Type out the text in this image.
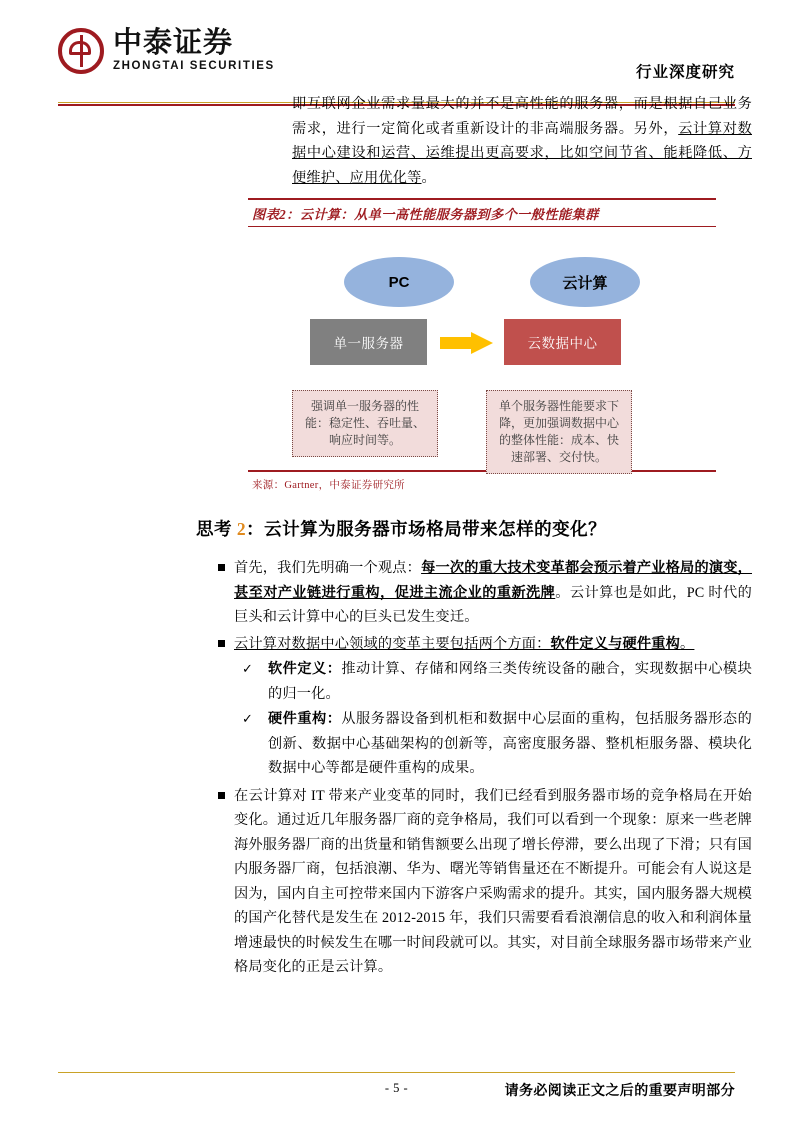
中泰证券
ZHONGTAI SECURITIES	行业深度研究

即互联网企业需求量最大的并不是高性能的服务器，而是根据自己业务需求，进行一定简化或者重新设计的非高端服务器。另外，云计算对数据中心建设和运营、运维提出更高要求，比如空间节省、能耗降低、方便维护、应用优化等。

图表2：云计算：从单一高性能服务器到多个一般性能集群
PC	云计算
单一服务器	云数据中心
强调单一服务器的性能：稳定性、吞吐量、响应时间等。
单个服务器性能要求下降，更加强调数据中心的整体性能：成本、快速部署、交付快。
来源：Gartner，中泰证券研究所
思考 2：云计算为服务器市场格局带来怎样的变化？
首先，我们先明确一个观点：每一次的重大技术变革都会预示着产业格局的演变，甚至对产业链进行重构，促进主流企业的重新洗牌。云计算也是如此，PC 时代的巨头和云计算中心的巨头已发生变迁。
云计算对数据中心领域的变革主要包括两个方面：软件定义与硬件重构。
✓	软件定义：推动计算、存储和网络三类传统设备的融合，实现数据中心模块的归一化。
✓	硬件重构：从服务器设备到机柜和数据中心层面的重构，包括服务器形态的创新、数据中心基础架构的创新等，高密度服务器、整机柜服务器、模块化数据中心等都是硬件重构的成果。
在云计算对 IT 带来产业变革的同时，我们已经看到服务器市场的竞争格局在开始变化。通过近几年服务器厂商的竞争格局，我们可以看到一个现象：原来一些老牌海外服务器厂商的出货量和销售额要么出现了增长停滞，要么出现了下滑；只有国内服务器厂商，包括浪潮、华为、曙光等销售量还在不断提升。可能会有人说这是因为，国内自主可控带来国内下游客户采购需求的提升。其实，国内服务器大规模的国产化替代是发生在 2012-2015 年，我们只需要看看浪潮信息的收入和利润体量增速最快的时候发生在哪一时间段就可以。其实，对目前全球服务器市场带来产业格局变化的正是云计算。
- 5 -	请务必阅读正文之后的重要声明部分
